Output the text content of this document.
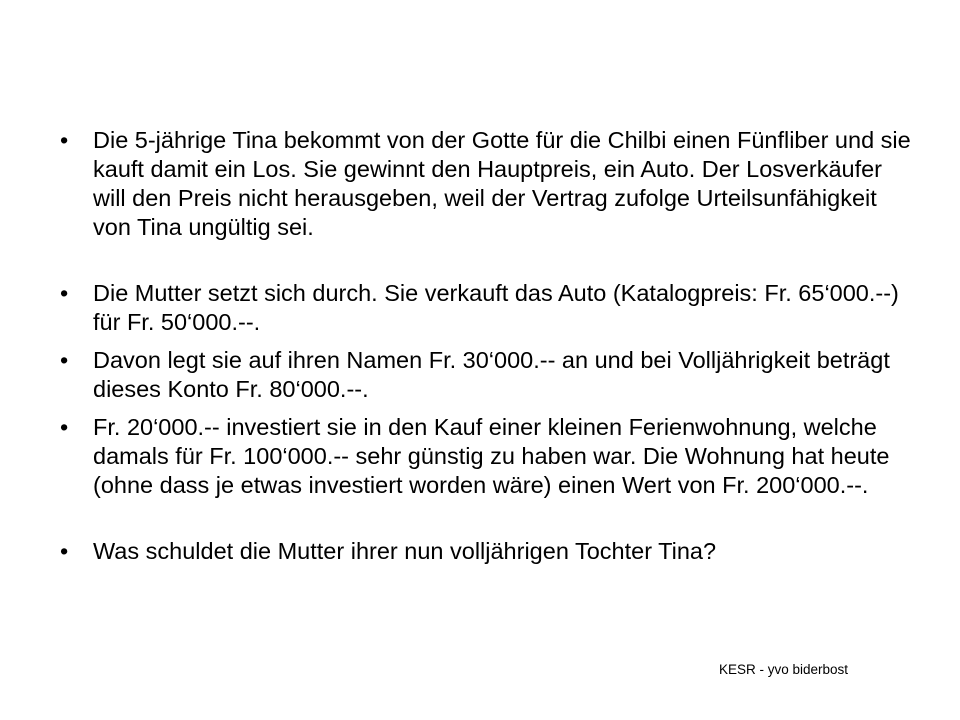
• Die 5-jährige Tina bekommt von der Gotte für die Chilbi einen Fünfliber und sie kauft damit ein Los. Sie gewinnt den Hauptpreis, ein Auto. Der Losverkäufer will den Preis nicht herausgeben, weil der Vertrag zufolge Urteilsunfähigkeit von Tina ungültig sei.
• Die Mutter setzt sich durch. Sie verkauft das Auto (Katalogpreis: Fr. 65‘000.--) für Fr. 50‘000.--.
• Davon legt sie auf ihren Namen Fr. 30‘000.-- an und bei Volljährigkeit beträgt dieses Konto Fr. 80‘000.--.
• Fr. 20‘000.-- investiert sie in den Kauf einer kleinen Ferienwohnung, welche damals für Fr. 100‘000.-- sehr günstig zu haben war. Die Wohnung hat heute (ohne dass je etwas investiert worden wäre) einen Wert von Fr. 200‘000.--.
• Was schuldet die Mutter ihrer nun volljährigen Tochter Tina?
KESR - yvo biderbost
